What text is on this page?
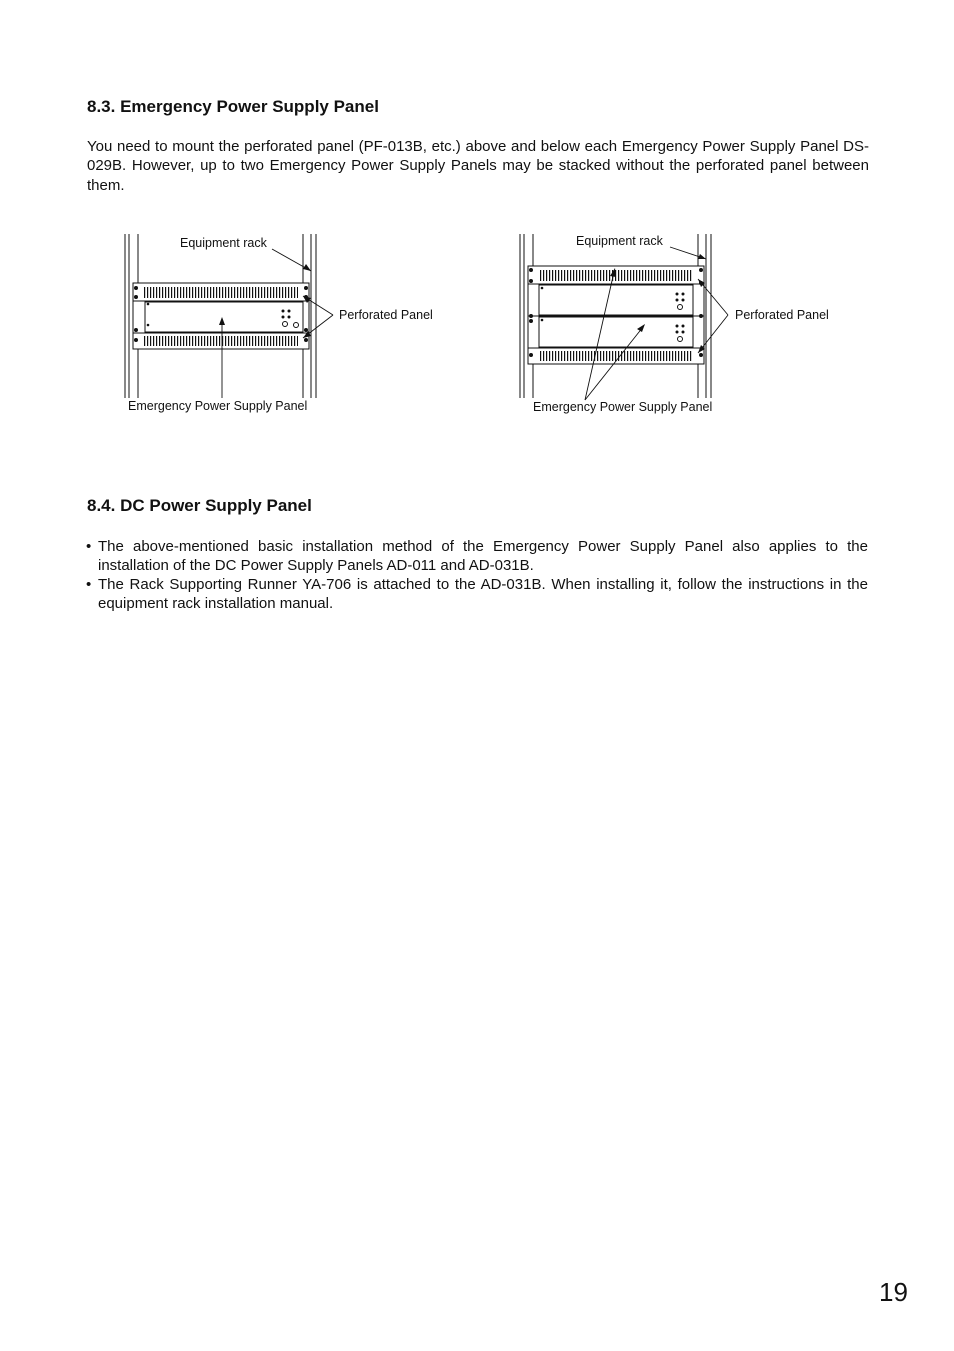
8.3. Emergency Power Supply Panel
You need to mount the perforated panel (PF-013B, etc.) above and below each Emergency Power Supply Panel DS-029B. However, up to two Emergency Power Supply Panels may be stacked without the perforated panel between them.
Equipment rack
Perforated Panel
Emergency Power Supply Panel
Equipment rack
Perforated Panel
Emergency Power Supply Panel
8.4. DC Power Supply Panel
• The above-mentioned basic installation method of the Emergency Power Supply Panel also applies to the installation of the DC Power Supply Panels AD-011 and AD-031B.
• The Rack Supporting Runner YA-706 is attached to the AD-031B. When installing it, follow the instructions in the equipment rack installation manual.
19
